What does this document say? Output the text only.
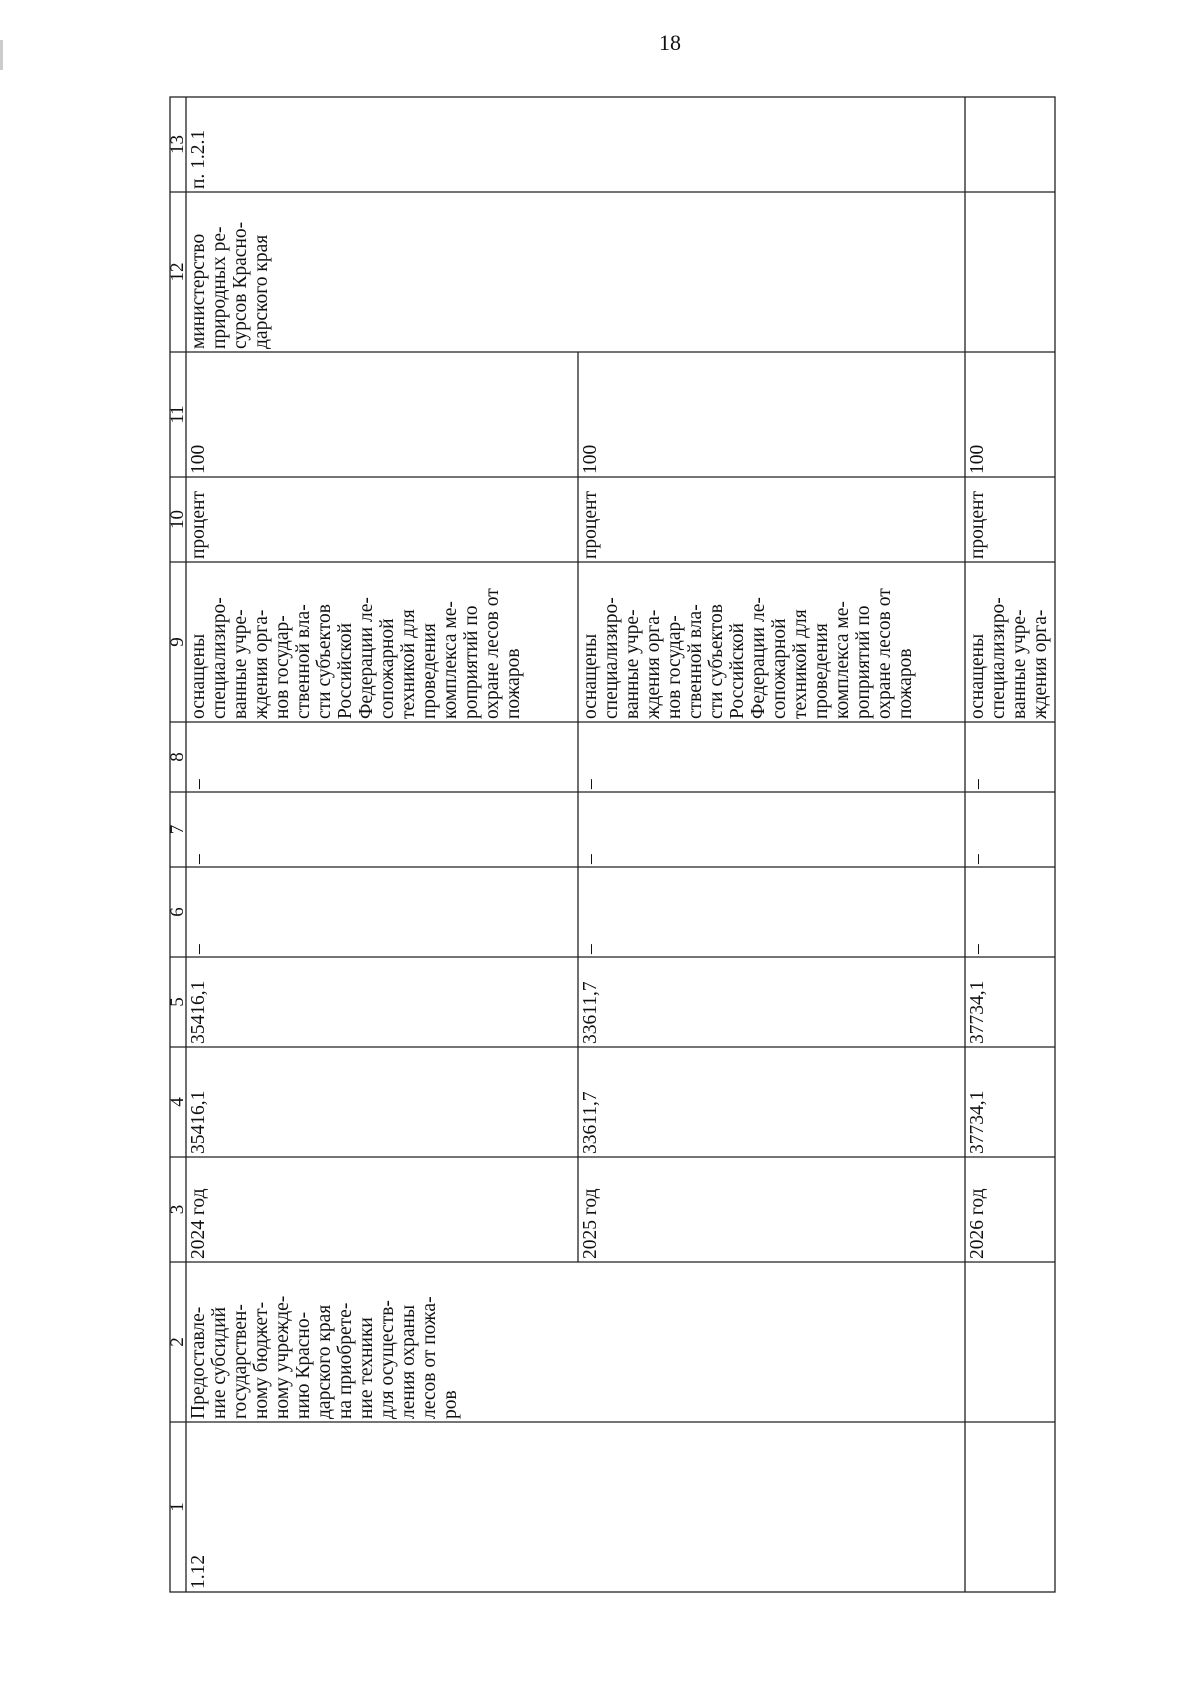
18
1
2
3
4
5
6
7
8
9
10
11
12
13
1.12
Предоставле-
ние субсидий
государствен-
ному бюджет-
ному учрежде-
нию Красно-
дарского края
на приобрете-
ние техники
для осуществ-
ления охраны
лесов от пожа-
ров
министерство
природных ре-
сурсов Красно-
дарского края
п. 1.2.1
2024 год
35416,1
35416,1
–
–
–
оснащены
специализиро-
ванные учре-
ждения орга-
нов государ-
ственной вла-
сти субъектов
Российской
Федерации ле-
сопожарной
техникой для
проведения
комплекса ме-
роприятий по
охране лесов от
пожаров
процент
100
2025 год
33611,7
33611,7
–
–
–
оснащены
специализиро-
ванные учре-
ждения орга-
нов государ-
ственной вла-
сти субъектов
Российской
Федерации ле-
сопожарной
техникой для
проведения
комплекса ме-
роприятий по
охране лесов от
пожаров
процент
100
2026 год
37734,1
37734,1
–
–
–
оснащены
специализиро-
ванные учре-
ждения орга-
процент
100
